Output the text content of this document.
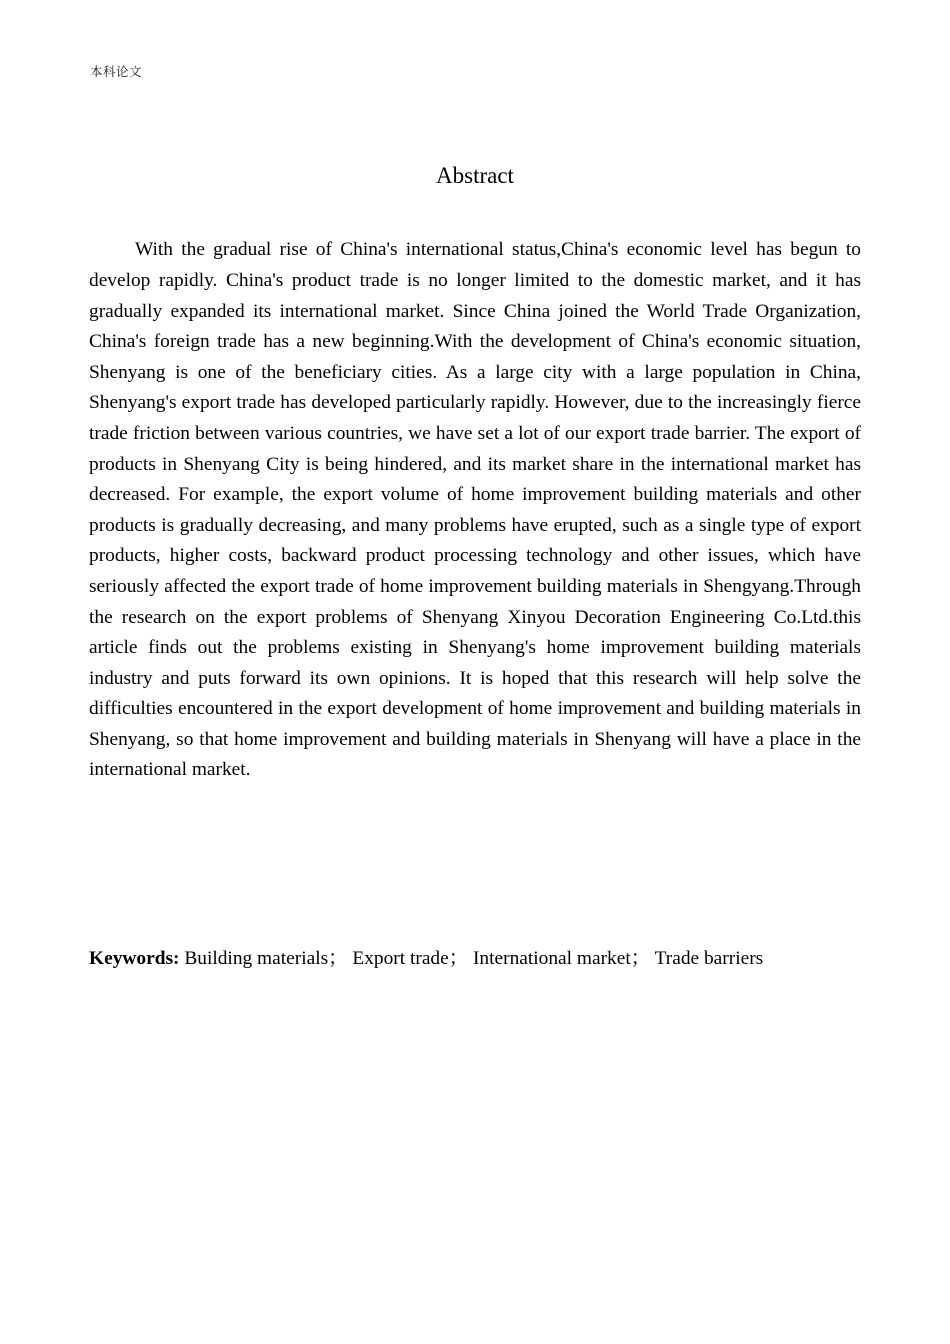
本科论文
Abstract

With the gradual rise of China's international status,China's economic level has begun to develop rapidly. China's product trade is no longer limited to the domestic market, and it has gradually expanded its international market. Since China joined the World Trade Organization, China's foreign trade has a new beginning.With the development of China's economic situation, Shenyang is one of the beneficiary cities. As a large city with a large population in China, Shenyang's export trade has developed particularly rapidly. However, due to the increasingly fierce trade friction between various countries, we have set a lot of our export trade barrier. The export of products in Shenyang City is being hindered, and its market share in the international market has decreased. For example, the export volume of home improvement building materials and other products is gradually decreasing, and many problems have erupted, such as a single type of export products, higher costs, backward product processing technology and other issues, which have seriously affected the export trade of home improvement building materials in Shengyang.Through the research on the export problems of Shenyang Xinyou Decoration Engineering Co.Ltd.this article finds out the problems existing in Shenyang's home improvement building materials industry and puts forward its own opinions. It is hoped that this research will help solve the difficulties encountered in the export development of home improvement and building materials in Shenyang, so that home improvement and building materials in Shenyang will have a place in the international market.

Keywords: Building materials； Export trade； International market； Trade barriers
